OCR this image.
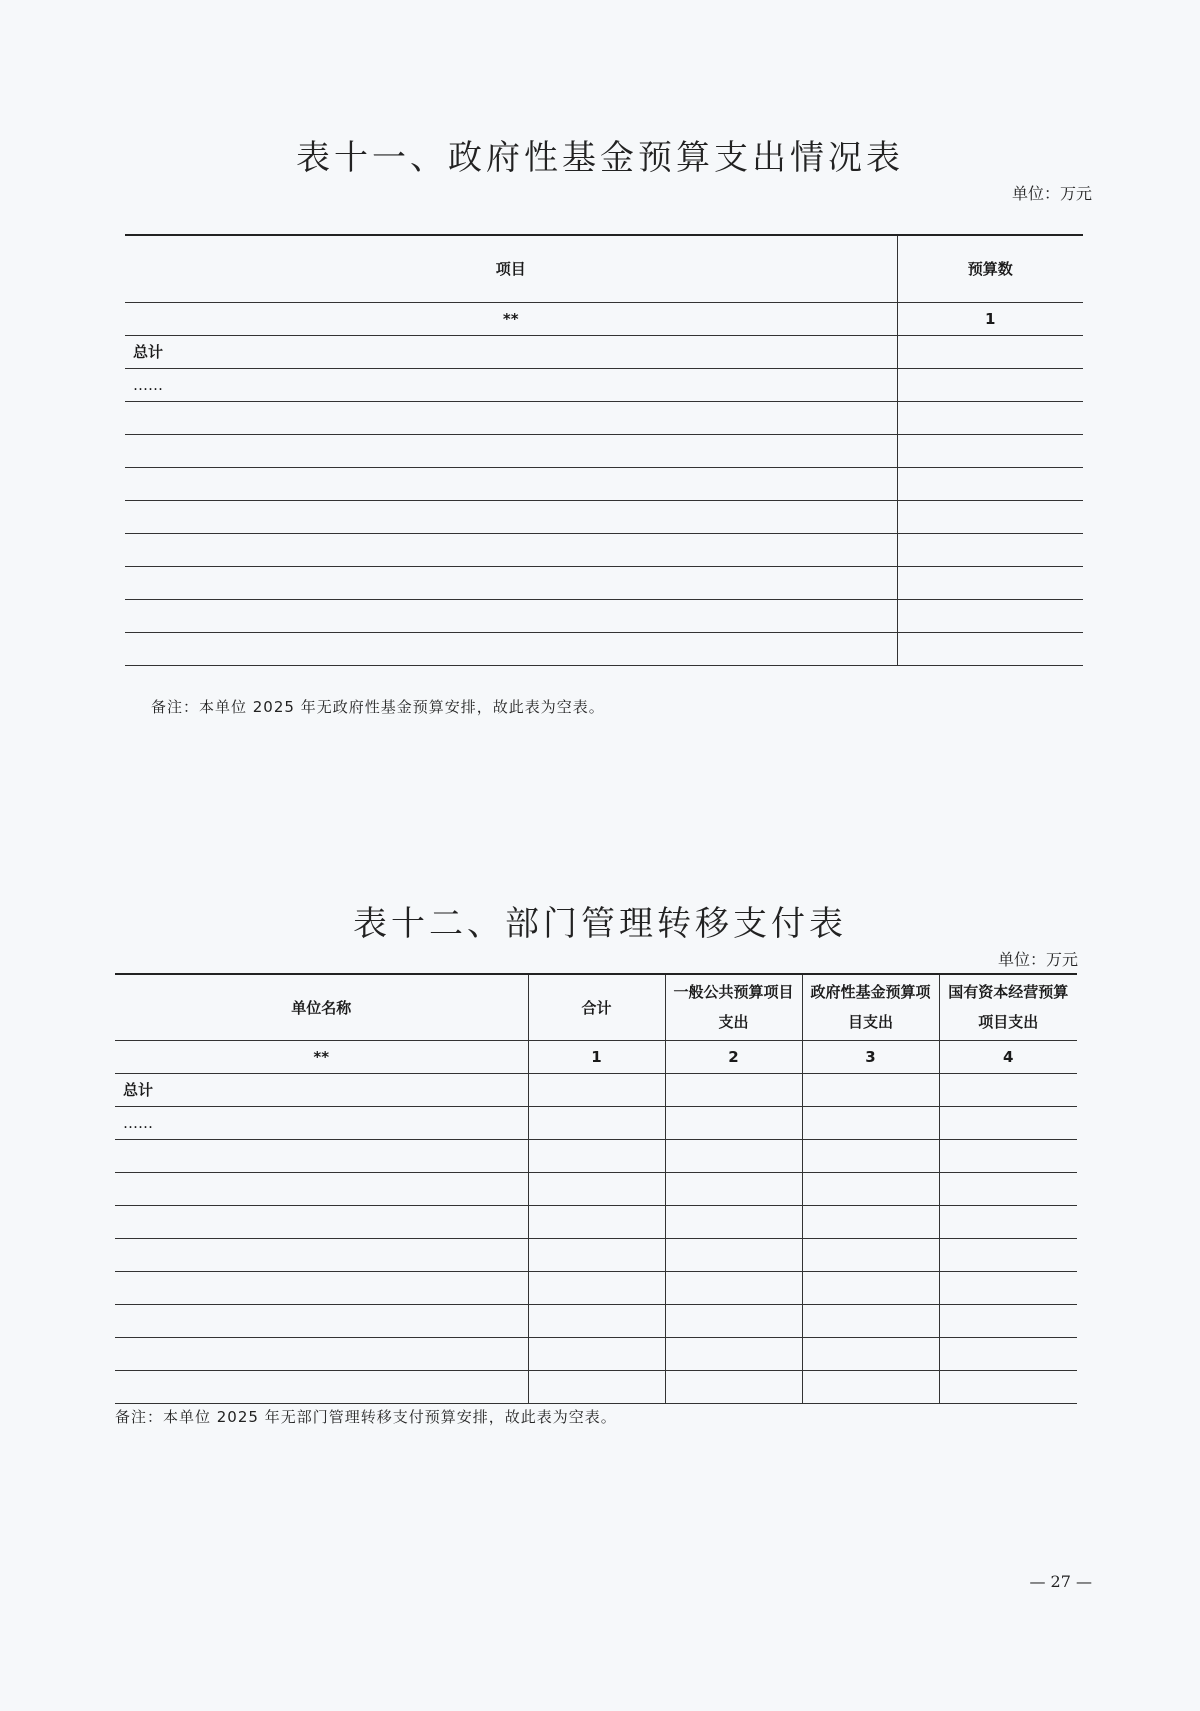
表十一、政府性基金预算支出情况表
单位：万元
项目	预算数
**	1
总计	
……	

备注：本单位 2025 年无政府性基金预算安排，故此表为空表。
表十二、部门管理转移支付表
单位：万元
单位名称	合计	一般公共预算项目支出	政府性基金预算项目支出	国有资本经营预算项目支出
**	1	2	3	4
总计				
……				

备注：本单位 2025 年无部门管理转移支付预算安排，故此表为空表。
— 27 —
